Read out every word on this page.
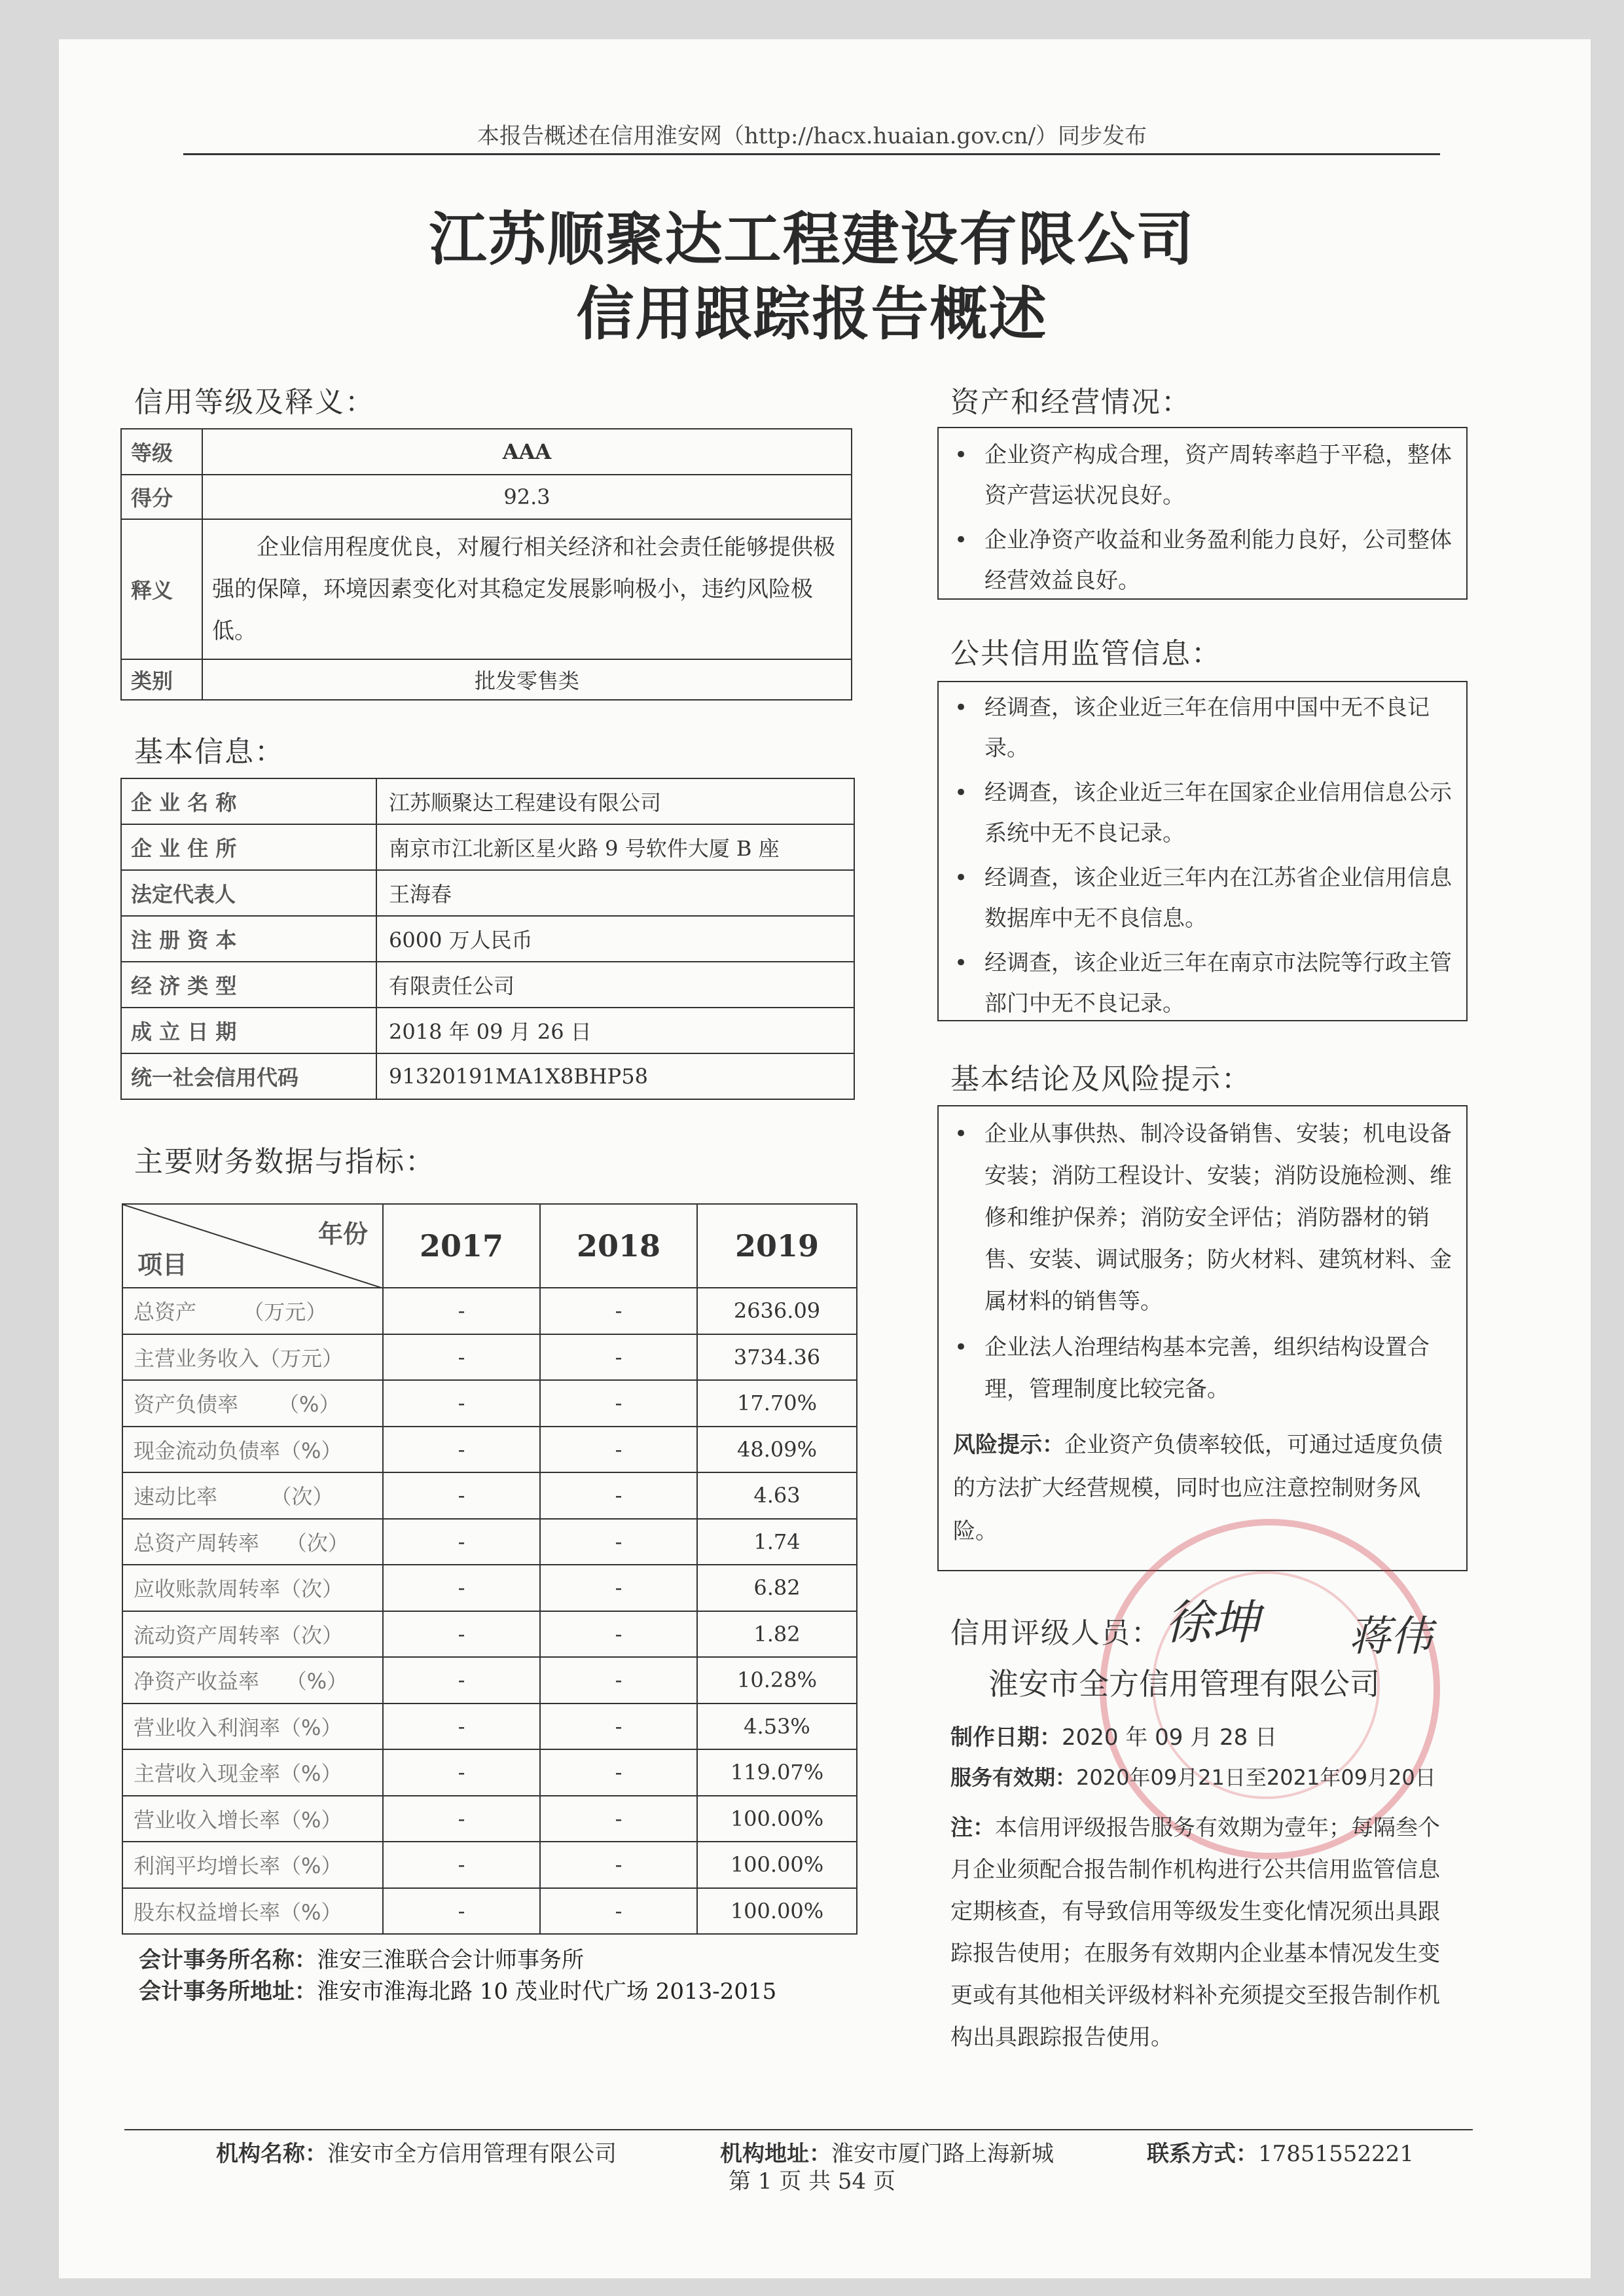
本报告概述在信用淮安网（http://hacx.huaian.gov.cn/）同步发布
江苏顺聚达工程建设有限公司
信用跟踪报告概述
信用等级及释义：
等级	AAA
得分	92.3
释义	企业信用程度优良，对履行相关经济和社会责任能够提供极强的保障，环境因素变化对其稳定发展影响极小，违约风险极低。
类别	批发零售类
基本信息：
企 业 名 称	江苏顺聚达工程建设有限公司
企 业 住 所	南京市江北新区星火路 9 号软件大厦 B 座
法定代表人	王海春
注 册 资 本	6000 万人民币
经 济 类 型	有限责任公司
成 立 日 期	2018 年 09 月 26 日
统一社会信用代码	91320191MA1X8BHP58
主要财务数据与指标：
年份
项目	2017	2018	2019
总资产       （万元）	-	-	2636.09
主营业务收入（万元）	-	-	3734.36
资产负债率      （%）	-	-	17.70%
现金流动负债率（%）	-	-	48.09%
速动比率        （次）	-	-	4.63
总资产周转率    （次）	-	-	1.74
应收账款周转率（次）	-	-	6.82
流动资产周转率（次）	-	-	1.82
净资产收益率    （%）	-	-	10.28%
营业收入利润率（%）	-	-	4.53%
主营收入现金率（%）	-	-	119.07%
营业收入增长率（%）	-	-	100.00%
利润平均增长率（%）	-	-	100.00%
股东权益增长率（%）	-	-	100.00%
会计事务所名称：淮安三淮联合会计师事务所
会计事务所地址：淮安市淮海北路 10 茂业时代广场 2013-2015
资产和经营情况：
• 企业资产构成合理，资产周转率趋于平稳，整体资产营运状况良好。
• 企业净资产收益和业务盈利能力良好，公司整体经营效益良好。
公共信用监管信息：
• 经调查，该企业近三年在信用中国中无不良记录。
• 经调查，该企业近三年在国家企业信用信息公示系统中无不良记录。
• 经调查，该企业近三年内在江苏省企业信用信息数据库中无不良信息。
• 经调查，该企业近三年在南京市法院等行政主管部门中无不良记录。
基本结论及风险提示：
• 企业从事供热、制冷设备销售、安装；机电设备安装；消防工程设计、安装；消防设施检测、维修和维护保养；消防安全评估；消防器材的销售、安装、调试服务；防火材料、建筑材料、金属材料的销售等。
• 企业法人治理结构基本完善，组织结构设置合理，管理制度比较完备。
风险提示：企业资产负债率较低，可通过适度负债的方法扩大经营规模，同时也应注意控制财务风险。
信用评级人员： 徐坤 蒋伟
淮安市全方信用管理有限公司
制作日期：2020 年 09 月 28 日
服务有效期：2020年09月21日至2021年09月20日
注：本信用评级报告服务有效期为壹年；每隔叁个月企业须配合报告制作机构进行公共信用监管信息定期核查，有导致信用等级发生变化情况须出具跟踪报告使用；在服务有效期内企业基本情况发生变更或有其他相关评级材料补充须提交至报告制作机构出具跟踪报告使用。
机构名称：淮安市全方信用管理有限公司	机构地址：淮安市厦门路上海新城	联系方式：17851552221
第 1 页 共 54 页
